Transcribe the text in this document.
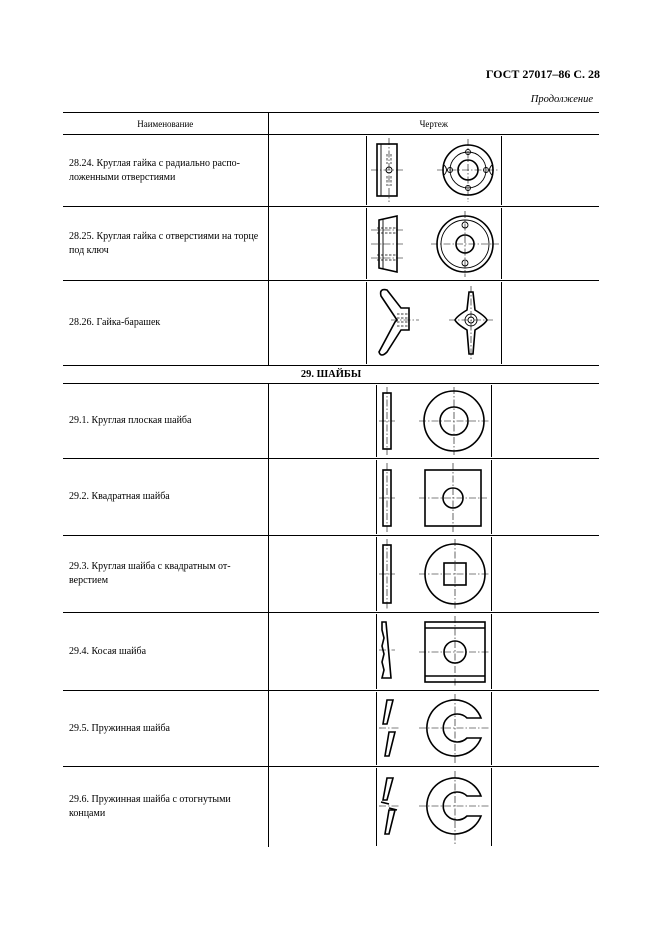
ГОСТ 27017–86 С. 28
Продолжение
Наименование	Чертеж
28.24. Круглая гайка с радиально распо-ложенными отверстиями	

28.25. Круглая гайка с отверстиями на торце под ключ	

28.26. Гайка-барашек	

29. ШАЙБЫ	
29.1. Круглая плоская шайба	

29.2. Квадратная шайба	

29.3. Круглая шайба с квадратным от-верстием	

29.4. Косая шайба	

29.5. Пружинная шайба	

29.6. Пружинная шайба с отогнутыми концами	
